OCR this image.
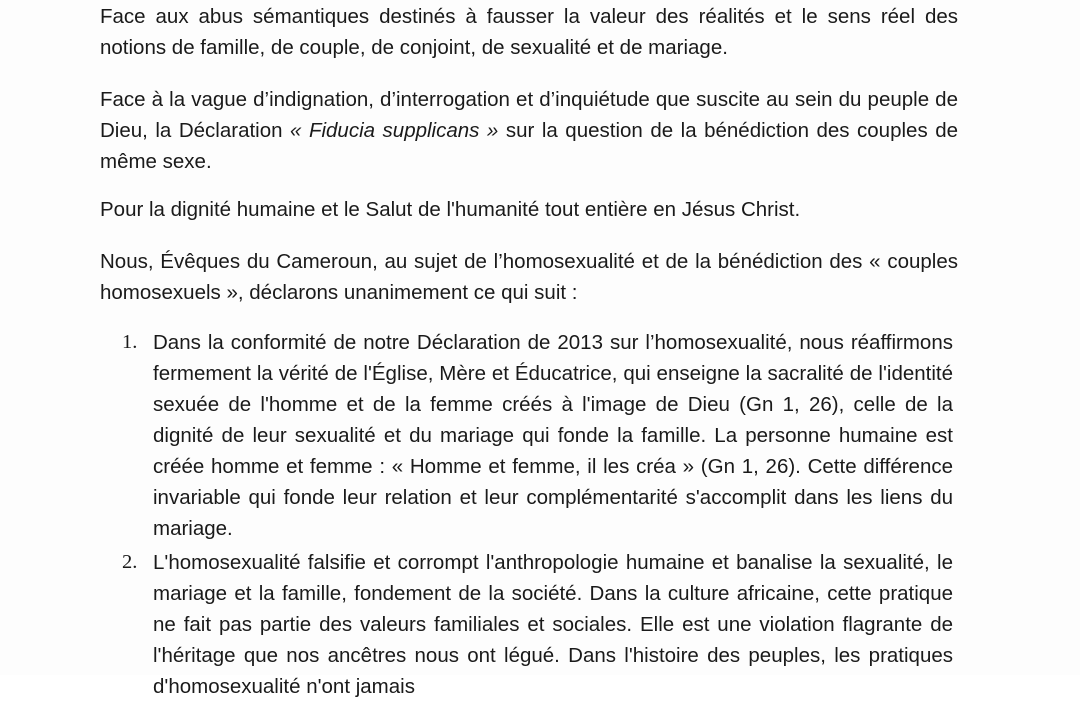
Face aux abus sémantiques destinés à fausser la valeur des réalités et le sens réel des notions de famille, de couple, de conjoint, de sexualité et de mariage.

Face à la vague d’indignation, d’interrogation et d’inquiétude que suscite au sein du peuple de Dieu, la Déclaration « Fiducia supplicans » sur la question de la bénédiction des couples de même sexe.

Pour la dignité humaine et le Salut de l'humanité tout entière en Jésus Christ.

Nous, Évêques du Cameroun, au sujet de l’homosexualité et de la bénédiction des « couples homosexuels », déclarons unanimement ce qui suit :

1. Dans la conformité de notre Déclaration de 2013 sur l’homosexualité, nous réaffirmons fermement la vérité de l'Église, Mère et Éducatrice, qui enseigne la sacralité de l'identité sexuée de l'homme et de la femme créés à l'image de Dieu (Gn 1, 26), celle de la dignité de leur sexualité et du mariage qui fonde la famille. La personne humaine est créée homme et femme : « Homme et femme, il les créa » (Gn 1, 26). Cette différence invariable qui fonde leur relation et leur complémentarité s'accomplit dans les liens du mariage.

2. L'homosexualité falsifie et corrompt l'anthropologie humaine et banalise la sexualité, le mariage et la famille, fondement de la société. Dans la culture africaine, cette pratique ne fait pas partie des valeurs familiales et sociales. Elle est une violation flagrante de l'héritage que nos ancêtres nous ont légué. Dans l'histoire des peuples, les pratiques d'homosexualité n'ont jamais
